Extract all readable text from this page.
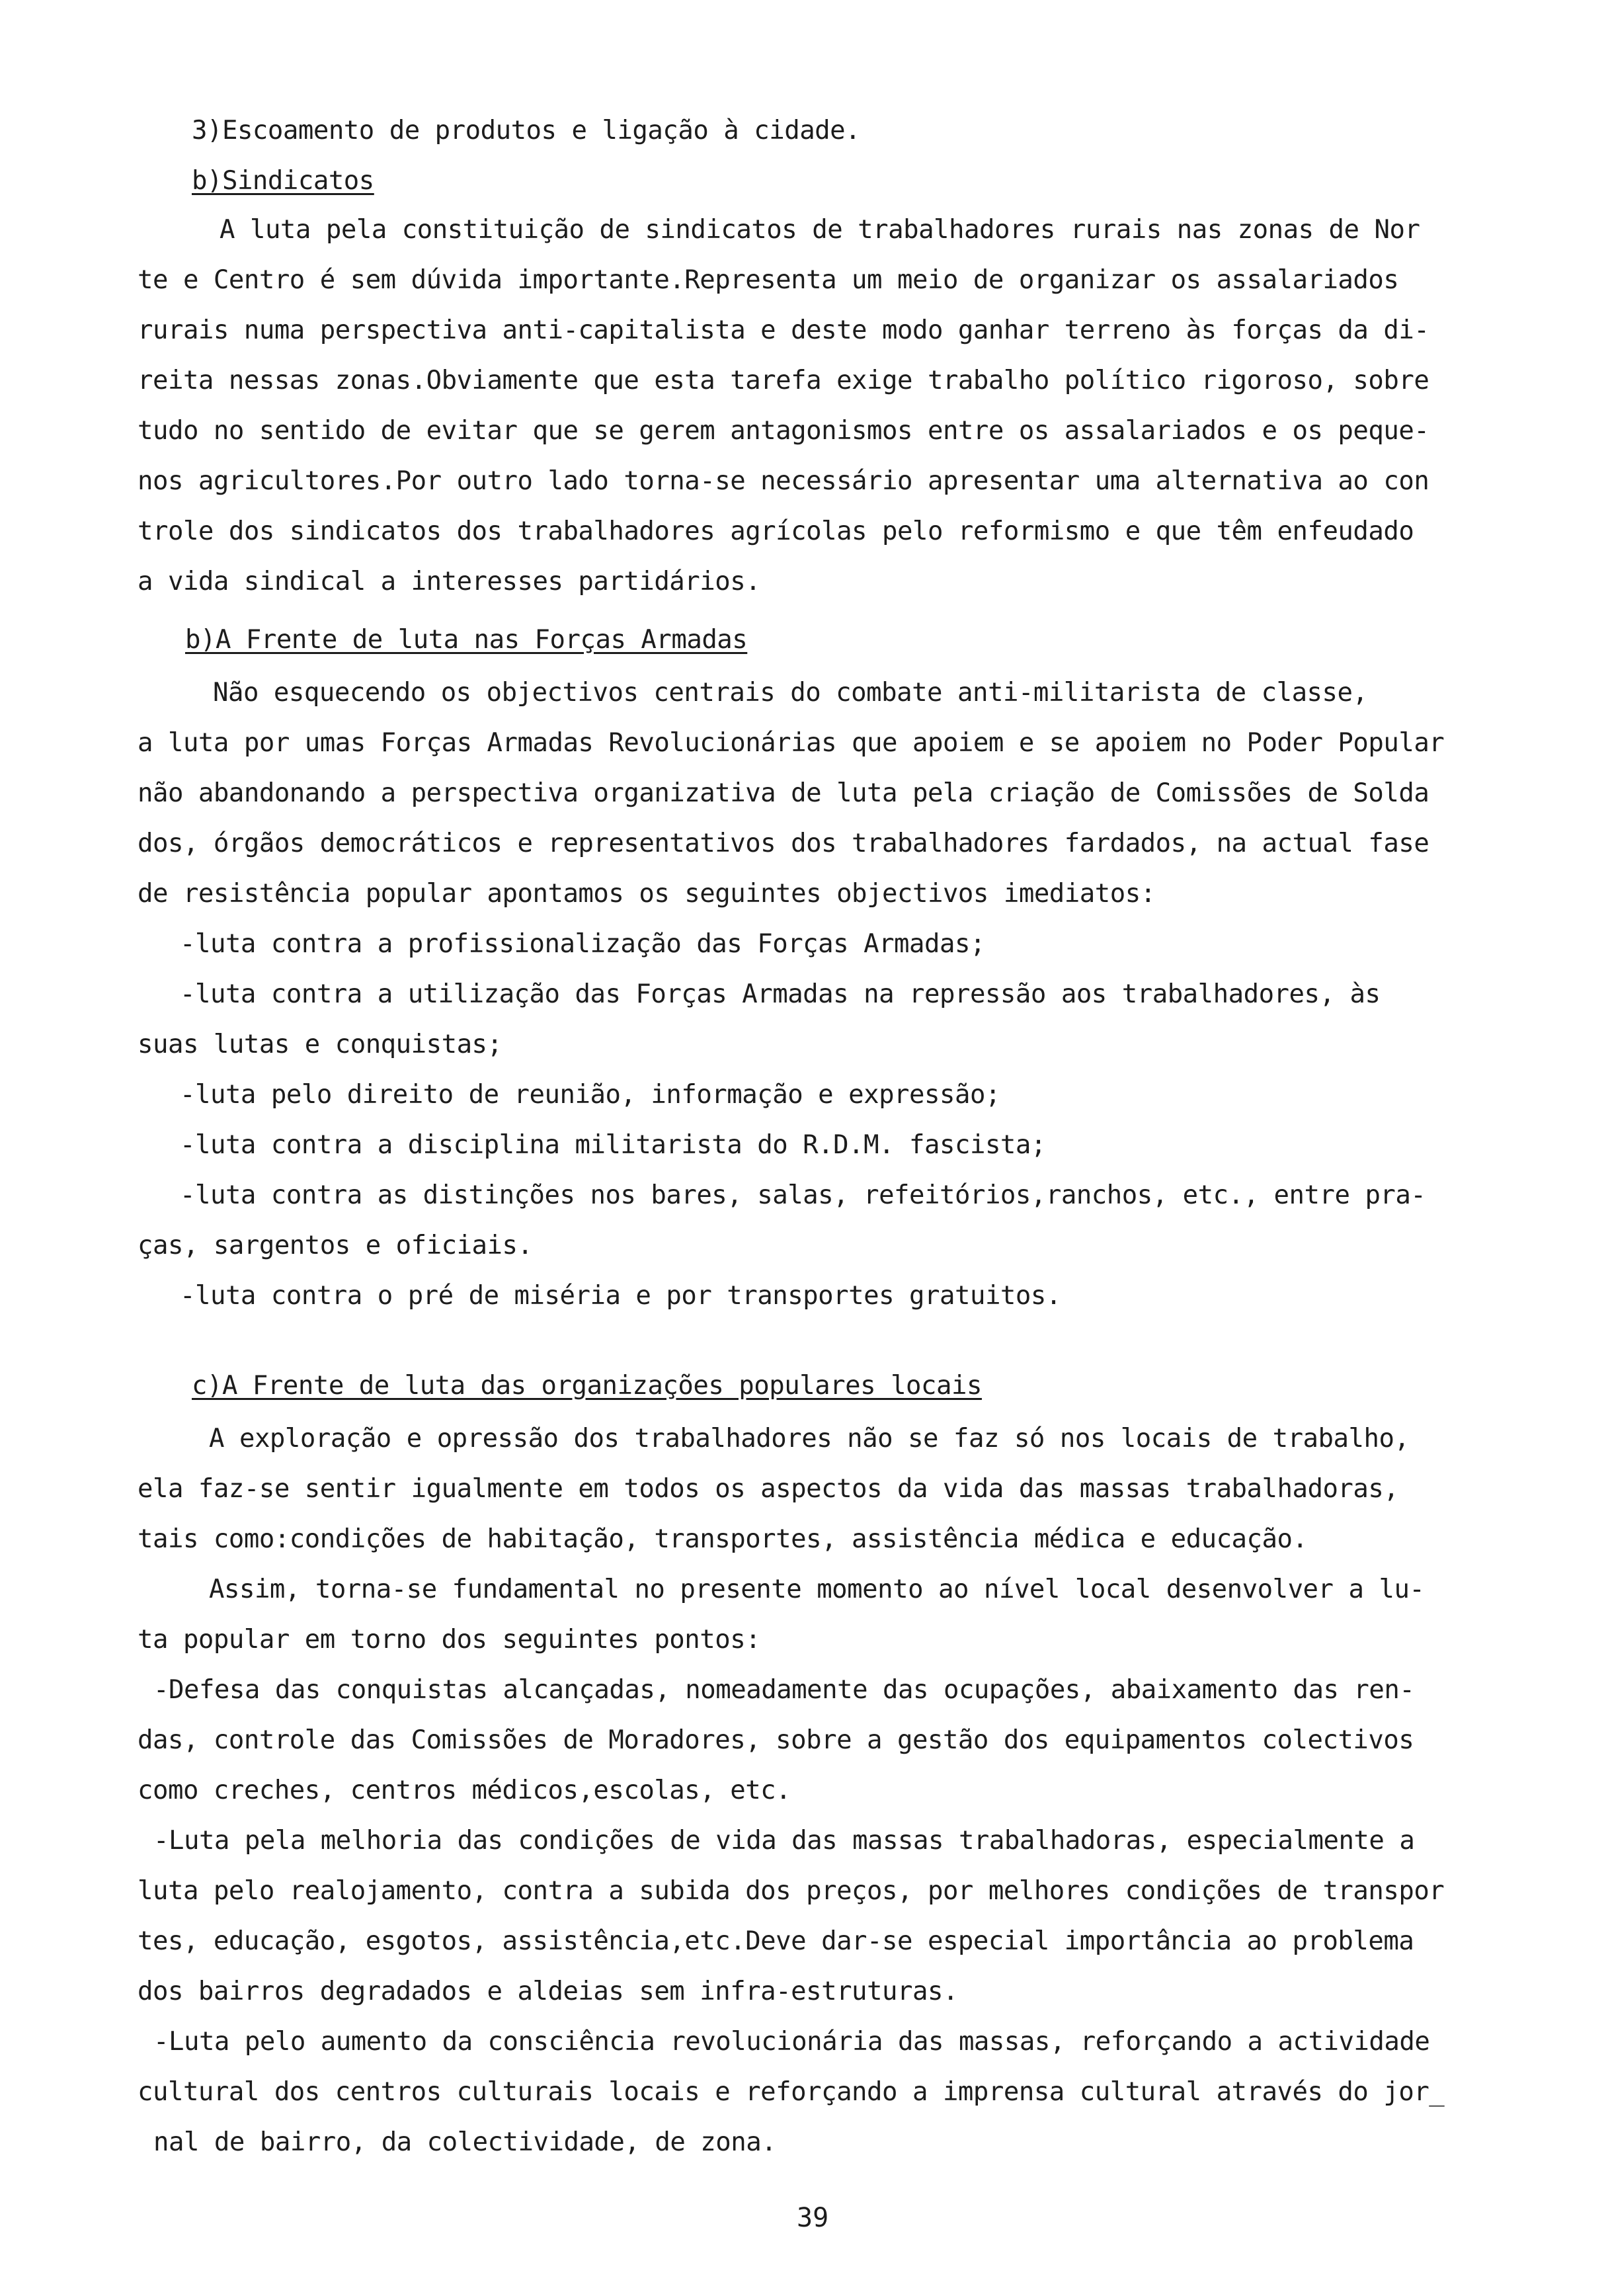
3)Escoamento de produtos e ligação à cidade.

b)Sindicatos

A luta pela constituição de sindicatos de trabalhadores rurais nas zonas de Nor

te e Centro é sem dúvida importante.Representa um meio de organizar os assalariados

rurais numa perspectiva anti-capitalista e deste modo ganhar terreno às forças da di-

reita nessas zonas.Obviamente que esta tarefa exige trabalho político rigoroso, sobre

tudo no sentido de evitar que se gerem antagonismos entre os assalariados e os peque-

nos agricultores.Por outro lado torna-se necessário apresentar uma alternativa ao con

trole dos sindicatos dos trabalhadores agrícolas pelo reformismo e que têm enfeudado

a vida sindical a interesses partidários.

b)A Frente de luta nas Forças Armadas

Não esquecendo os objectivos centrais do combate anti-militarista de classe,

a luta por umas Forças Armadas Revolucionárias que apoiem e se apoiem no Poder Popular

não abandonando a perspectiva organizativa de luta pela criação de Comissões de Solda

dos, órgãos democráticos e representativos dos trabalhadores fardados, na actual fase

de resistência popular apontamos os seguintes objectivos imediatos:

-luta contra a profissionalização das Forças Armadas;

-luta contra a utilização das Forças Armadas na repressão aos trabalhadores, às

suas lutas e conquistas;

-luta pelo direito de reunião, informação e expressão;

-luta contra a disciplina militarista do R.D.M. fascista;

-luta contra as distinções nos bares, salas, refeitórios,ranchos, etc., entre pra-

ças, sargentos e oficiais.

-luta contra o pré de miséria e por transportes gratuitos.

c)A Frente de luta das organizações populares locais

A exploração e opressão dos trabalhadores não se faz só nos locais de trabalho,

ela faz-se sentir igualmente em todos os aspectos da vida das massas trabalhadoras,

tais como:condições de habitação, transportes, assistência médica e educação.

Assim, torna-se fundamental no presente momento ao nível local desenvolver a lu-

ta popular em torno dos seguintes pontos:

-Defesa das conquistas alcançadas, nomeadamente das ocupações, abaixamento das ren-

das, controle das Comissões de Moradores, sobre a gestão dos equipamentos colectivos

como creches, centros médicos,escolas, etc.

-Luta pela melhoria das condições de vida das massas trabalhadoras, especialmente a

luta pelo realojamento, contra a subida dos preços, por melhores condições de transpor

tes, educação, esgotos, assistência,etc.Deve dar-se especial importância ao problema

dos bairros degradados e aldeias sem infra-estruturas.

-Luta pelo aumento da consciência revolucionária das massas, reforçando a actividade

cultural dos centros culturais locais e reforçando a imprensa cultural através do jor_

nal de bairro, da colectividade, de zona.

39
